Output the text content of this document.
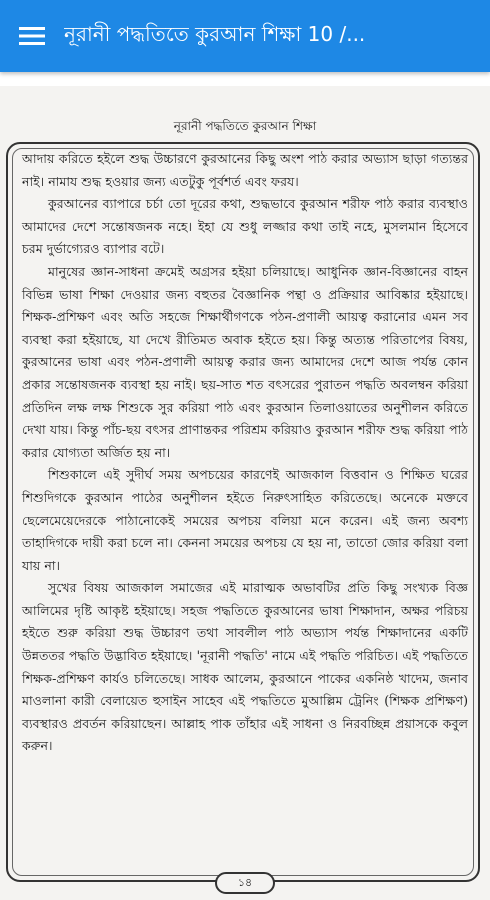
নূরানী পদ্ধতিতে কুরআন শিক্ষা 10 /...
নূরানী পদ্ধতিতে কুরআন শিক্ষা

আদায় করিতে হইলে শুদ্ধ উচ্চারণে কুরআনের কিছু অংশ পাঠ করার অভ্যাস ছাড়া গত্যন্তর নাই। নামায শুদ্ধ হওয়ার জন্য এতটুকু পূর্বশর্ত এবং ফরয।

কুরআনের ব্যাপারে চর্চা তো দূরের কথা, শুদ্ধভাবে কুরআন শরীফ পাঠ করার ব্যবস্থাও আমাদের দেশে সন্তোষজনক নহে। ইহা যে শুধু লজ্জার কথা তাই নহে, মুসলমান হিসেবে চরম দুর্ভাগ্যেরও ব্যাপার বটে।

মানুষের জ্ঞান-সাধনা ক্রমেই অগ্রসর হইয়া চলিয়াছে। আধুনিক জ্ঞান-বিজ্ঞানের বাহন বিভিন্ন ভাষা শিক্ষা দেওয়ার জন্য বহুতর বৈজ্ঞানিক পন্থা ও প্রক্রিয়ার আবিষ্কার হইয়াছে। শিক্ষক-প্রশিক্ষণ এবং অতি সহজে শিক্ষার্থীগণকে পঠন-প্রণালী আয়ত্ব করানোর এমন সব ব্যবস্থা করা হইয়াছে, যা দেখে রীতিমত অবাক হইতে হয়। কিন্তু অত্যন্ত পরিতাপের বিষয়, কুরআনের ভাষা এবং পঠন-প্রণালী আয়ত্ব করার জন্য আমাদের দেশে আজ পর্যন্ত কোন প্রকার সন্তোষজনক ব্যবস্থা হয় নাই। ছয়-সাত শত বৎসরের পুরাতন পদ্ধতি অবলম্বন করিয়া প্রতিদিন লক্ষ লক্ষ শিশুকে সুর করিয়া পাঠ এবং কুরআন তিলাওয়াতের অনুশীলন করিতে দেখা যায়। কিন্তু পাঁচ-ছয় বৎসর প্রাণান্তকর পরিশ্রম করিয়াও কুরআন শরীফ শুদ্ধ করিয়া পাঠ করার যোগ্যতা অর্জিত হয় না।

শিশুকালে এই সুদীর্ঘ সময় অপচয়ের কারণেই আজকাল বিত্তবান ও শিক্ষিত ঘরের শিশুদিগকে কুরআন পাঠের অনুশীলন হইতে নিরুৎসাহিত করিতেছে। অনেকে মক্তবে ছেলেমেয়েদেরকে পাঠানোকেই সময়ের অপচয় বলিয়া মনে করেন। এই জন্য অবশ্য তাহাদিগকে দায়ী করা চলে না। কেননা সময়ের অপচয় যে হয় না, তাতো জোর করিয়া বলা যায় না।

সুখের বিষয় আজকাল সমাজের এই মারাত্মক অভাবটির প্রতি কিছু সংখ্যক বিজ্ঞ আলিমের দৃষ্টি আকৃষ্ট হইয়াছে। সহজ পদ্ধতিতে কুরআনের ভাষা শিক্ষাদান, অক্ষর পরিচয় হইতে শুরু করিয়া শুদ্ধ উচ্চারণ তথা সাবলীল পাঠ অভ্যাস পর্যন্ত শিক্ষাদানের একটি উন্নততর পদ্ধতি উদ্ভাবিত হইয়াছে। 'নূরানী পদ্ধতি' নামে এই পদ্ধতি পরিচিত। এই পদ্ধতিতে শিক্ষক-প্রশিক্ষণ কার্যও চলিতেছে। সাধক আলেম, কুরআনে পাকের একনিষ্ঠ খাদেম, জনাব মাওলানা কারী বেলায়েত হুসাইন সাহেব এই পদ্ধতিতে মুআল্লিম ট্রেনিং (শিক্ষক প্রশিক্ষণ) ব্যবস্থারও প্রবর্তন করিয়াছেন। আল্লাহ পাক তাঁহার এই সাধনা ও নিরবচ্ছিন্ন প্রয়াসকে কবুল করুন।

১৪
